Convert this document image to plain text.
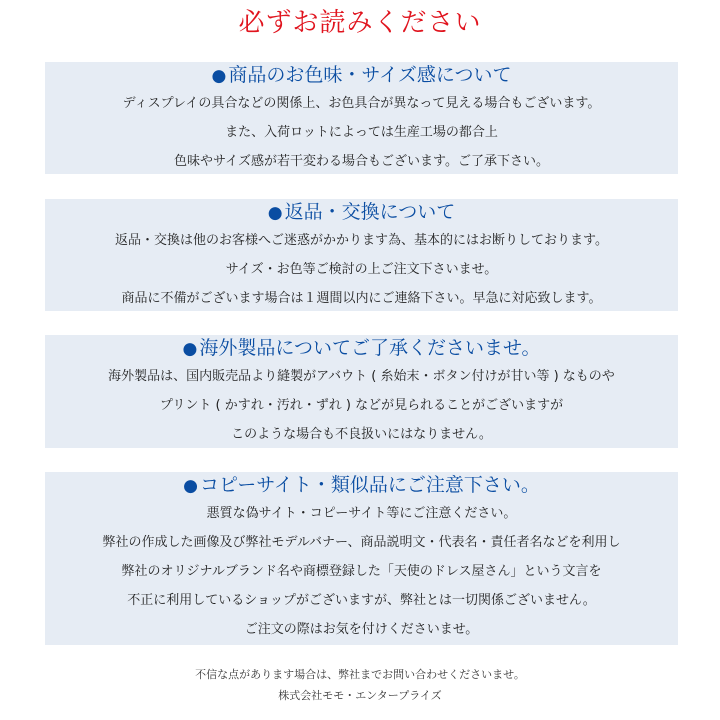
必ずお読みください
● 商品のお色味・サイズ感について
ディスプレイの具合などの関係上、お色具合が異なって見える場合もございます。
また、入荷ロットによっては生産工場の都合上
色味やサイズ感が若干変わる場合もございます。ご了承下さい。
● 返品・交換について
返品・交換は他のお客様へご迷惑がかかります為、基本的にはお断りしております。
サイズ・お色等ご検討の上ご注文下さいませ。
商品に不備がございます場合は１週間以内にご連絡下さい。早急に対応致します。
● 海外製品についてご了承くださいませ。
海外製品は、国内販売品より縫製がアバウト ( 糸始末・ボタン付けが甘い等 ) なものや
プリント ( かすれ・汚れ・ずれ ) などが見られることがございますが
このような場合も不良扱いにはなりません。
● コピーサイト・類似品にご注意下さい。
悪質な偽サイト・コピーサイト等にご注意ください。
弊社の作成した画像及び弊社モデルバナー、商品説明文・代表名・責任者名などを利用し
弊社のオリジナルブランド名や商標登録した「天使のドレス屋さん」という文言を
不正に利用しているショップがございますが、弊社とは一切関係ございません。
ご注文の際はお気を付けくださいませ。
不信な点があります場合は、弊社までお問い合わせくださいませ。
株式会社モモ・エンタープライズ
